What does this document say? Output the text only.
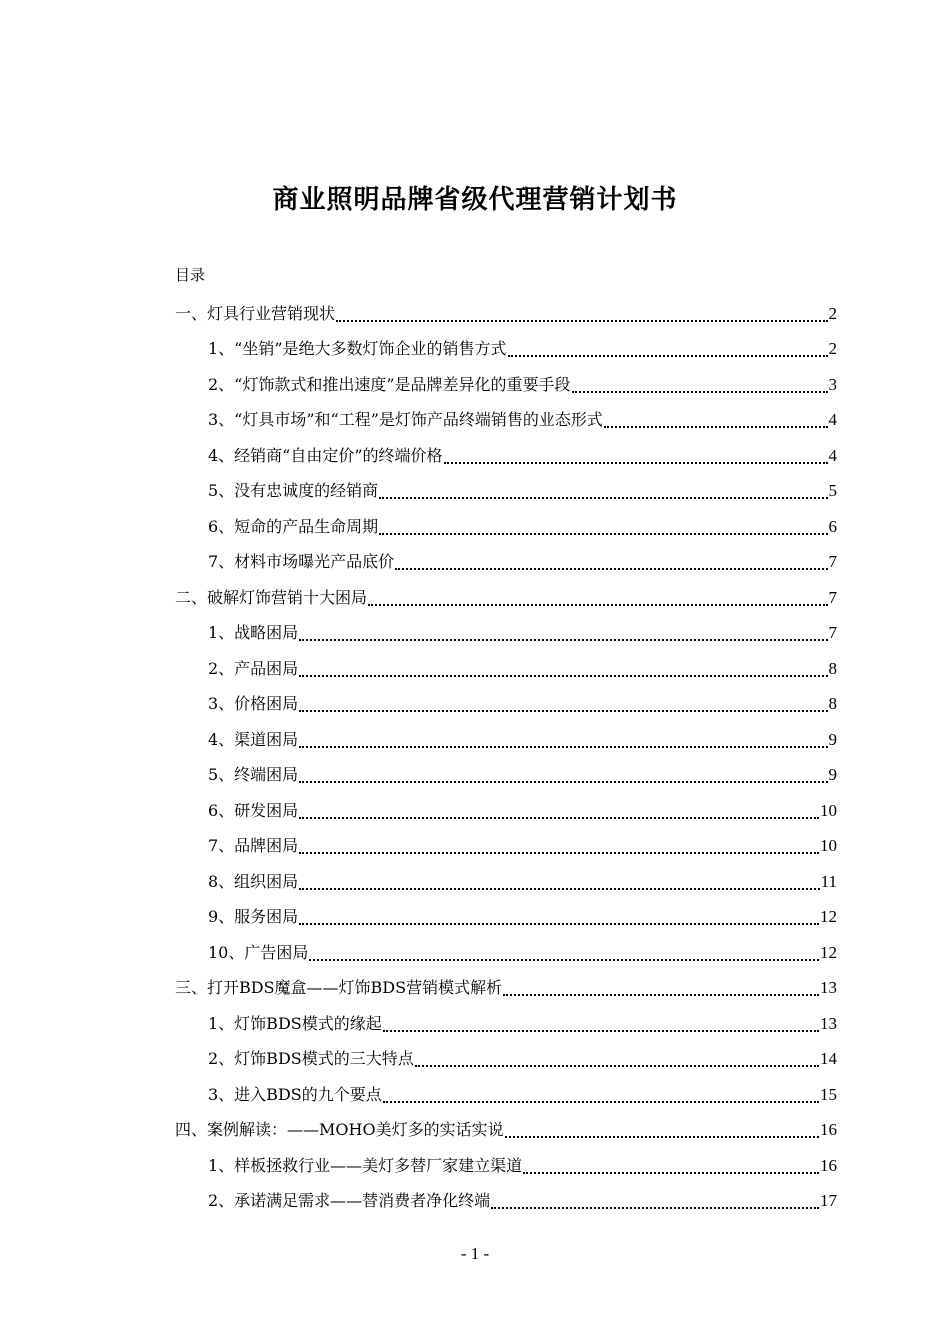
商业照明品牌省级代理营销计划书
目录
一、灯具行业营销现状	2
1、“坐销”是绝大多数灯饰企业的销售方式	2
2、“灯饰款式和推出速度”是品牌差异化的重要手段	3
3、“灯具市场”和“工程”是灯饰产品终端销售的业态形式	4
4、经销商“自由定价”的终端价格	4
5、没有忠诚度的经销商	5
6、短命的产品生命周期	6
7、材料市场曝光产品底价	7
二、破解灯饰营销十大困局	7
1、战略困局	7
2、产品困局	8
3、价格困局	8
4、渠道困局	9
5、终端困局	9
6、研发困局	10
7、品牌困局	10
8、组织困局	11
9、服务困局	12
10、广告困局	12
三、打开BDS魔盒——灯饰BDS营销模式解析	13
1、灯饰BDS模式的缘起	13
2、灯饰BDS模式的三大特点	14
3、进入BDS的九个要点	15
四、案例解读：——MOHO美灯多的实话实说	16
1、样板拯救行业——美灯多替厂家建立渠道	16
2、承诺满足需求——替消费者净化终端	17
- 1 -
